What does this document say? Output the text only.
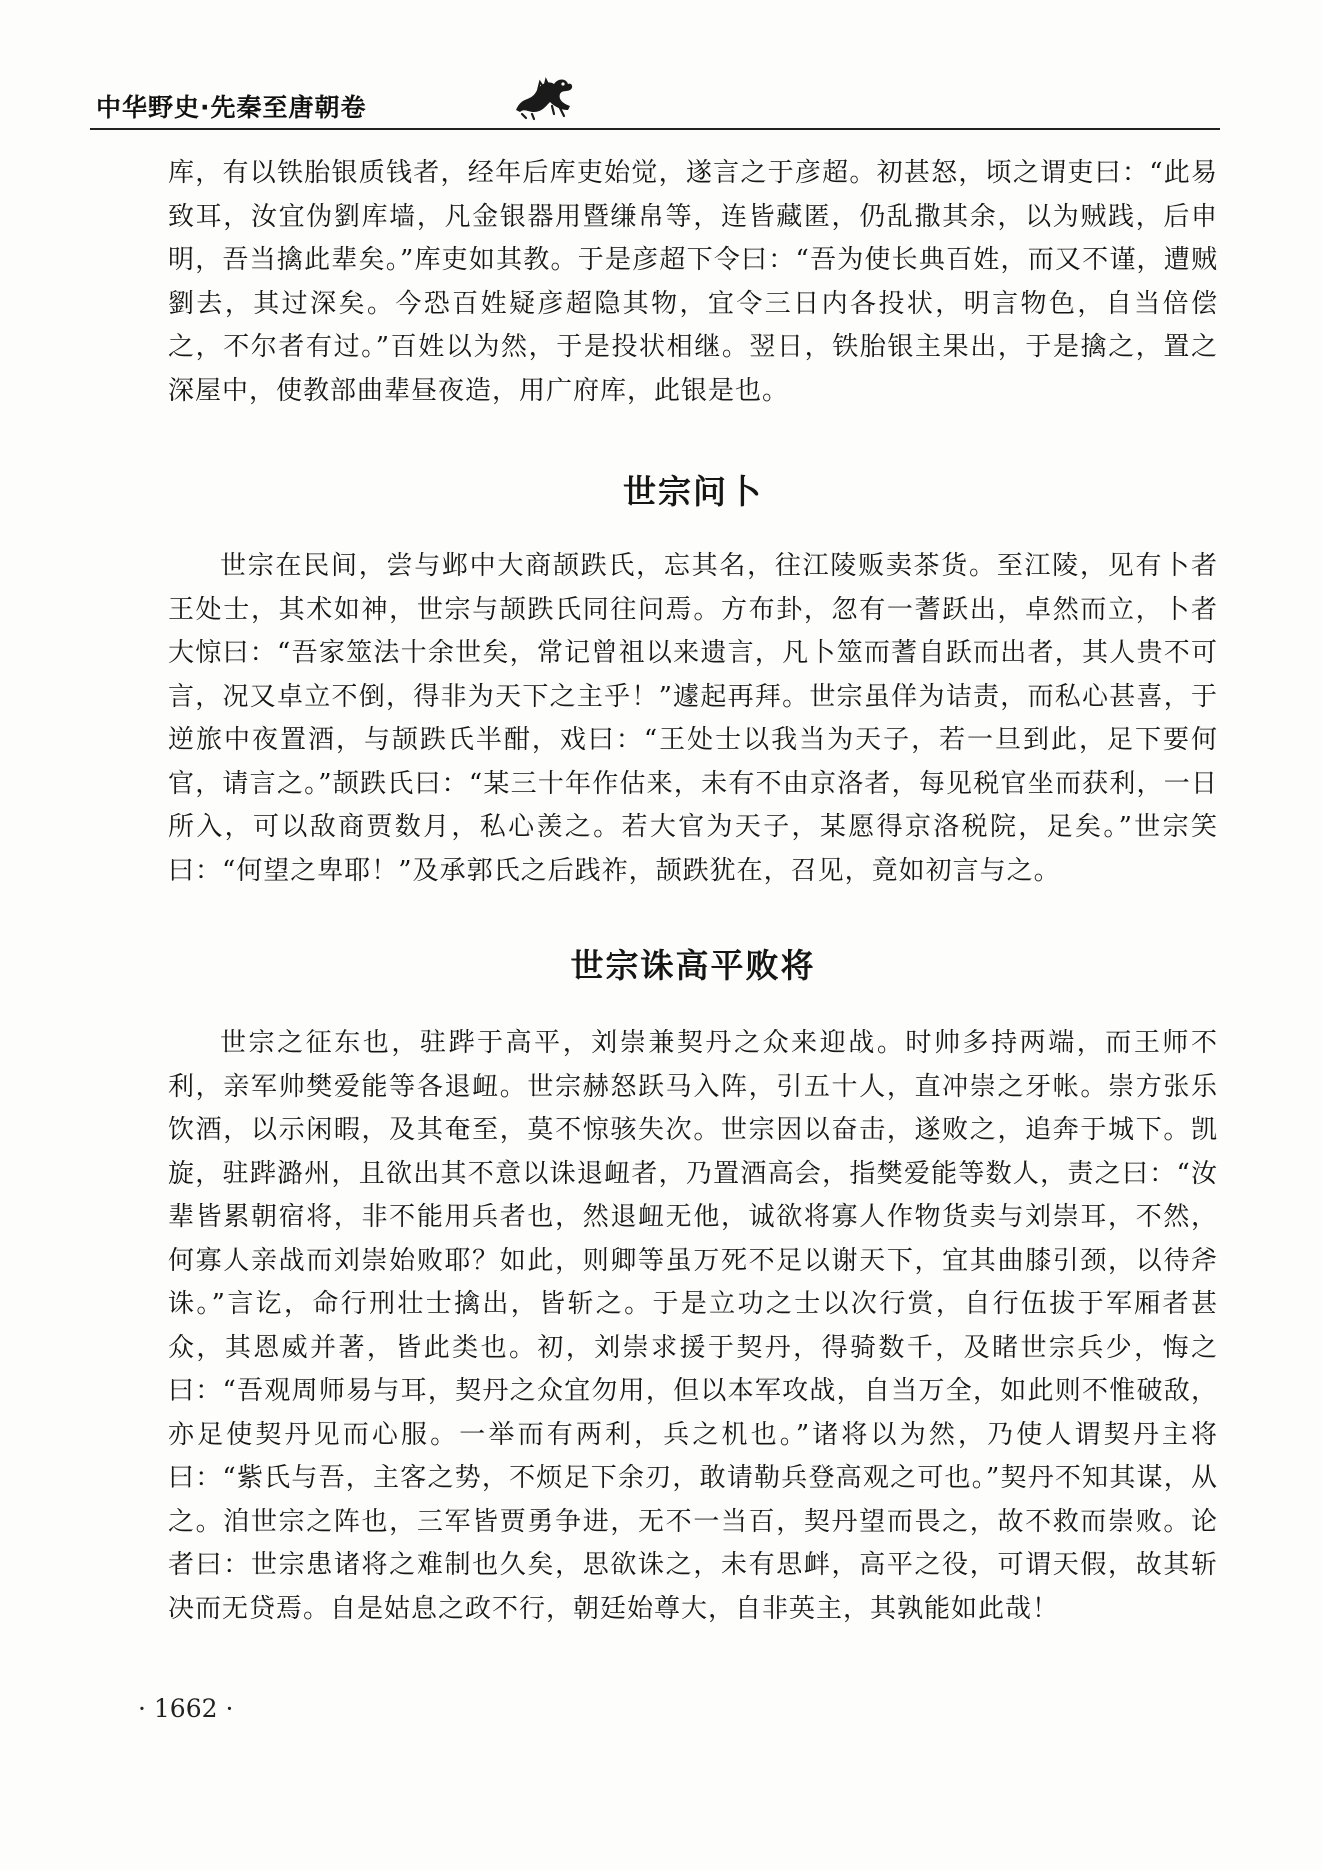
中华野史·先秦至唐朝卷

库，有以铁胎银质钱者，经年后库吏始觉，遂言之于彦超。初甚怒，顷之谓吏曰：“此易致耳，汝宜伪劉库墙，凡金银器用暨缣帛等，连皆藏匿，仍乱撒其余，以为贼践，后申明，吾当擒此辈矣。”库吏如其教。于是彦超下令曰：“吾为使长典百姓，而又不谨，遭贼劉去，其过深矣。今恐百姓疑彦超隐其物，宜令三日内各投状，明言物色，自当倍偿之，不尔者有过。”百姓以为然，于是投状相继。翌日，铁胎银主果出，于是擒之，置之深屋中，使教部曲辈昼夜造，用广府库，此银是也。

世宗问卜

世宗在民间，尝与邺中大商颉跌氏，忘其名，往江陵贩卖茶货。至江陵，见有卜者王处士，其术如神，世宗与颉跌氏同往问焉。方布卦，忽有一蓍跃出，卓然而立，卜者大惊曰：“吾家筮法十余世矣，常记曾祖以来遗言，凡卜筮而蓍自跃而出者，其人贵不可言，况又卓立不倒，得非为天下之主乎！”遽起再拜。世宗虽佯为诘责，而私心甚喜，于逆旅中夜置酒，与颉跌氏半酣，戏曰：“王处士以我当为天子，若一旦到此，足下要何官，请言之。”颉跌氏曰：“某三十年作估来，未有不由京洛者，每见税官坐而获利，一日所入，可以敌商贾数月，私心羡之。若大官为天子，某愿得京洛税院，足矣。”世宗笑曰：“何望之卑耶！”及承郭氏之后践祚，颉跌犹在，召见，竟如初言与之。

世宗诛高平败将

世宗之征东也，驻跸于高平，刘崇兼契丹之众来迎战。时帅多持两端，而王师不利，亲军帅樊爱能等各退衄。世宗赫怒跃马入阵，引五十人，直冲崇之牙帐。崇方张乐饮酒，以示闲暇，及其奄至，莫不惊骇失次。世宗因以奋击，遂败之，追奔于城下。凯旋，驻跸潞州，且欲出其不意以诛退衄者，乃置酒高会，指樊爱能等数人，责之曰：“汝辈皆累朝宿将，非不能用兵者也，然退衄无他，诚欲将寡人作物货卖与刘崇耳，不然，何寡人亲战而刘崇始败耶？如此，则卿等虽万死不足以谢天下，宜其曲膝引颈，以待斧诛。”言讫，命行刑壮士擒出，皆斩之。于是立功之士以次行赏，自行伍拔于军厢者甚众，其恩威并著，皆此类也。初，刘崇求援于契丹，得骑数千，及睹世宗兵少，悔之曰：“吾观周师易与耳，契丹之众宜勿用，但以本军攻战，自当万全，如此则不惟破敌，亦足使契丹见而心服。一举而有两利，兵之机也。”诸将以为然，乃使人谓契丹主将曰：“紫氏与吾，主客之势，不烦足下余刃，敢请勒兵登高观之可也。”契丹不知其谋，从之。洎世宗之阵也，三军皆贾勇争进，无不一当百，契丹望而畏之，故不救而崇败。论者曰：世宗患诸将之难制也久矣，思欲诛之，未有思衅，高平之役，可谓天假，故其斩决而无贷焉。自是姑息之政不行，朝廷始尊大，自非英主，其孰能如此哉！

· 1662 ·
